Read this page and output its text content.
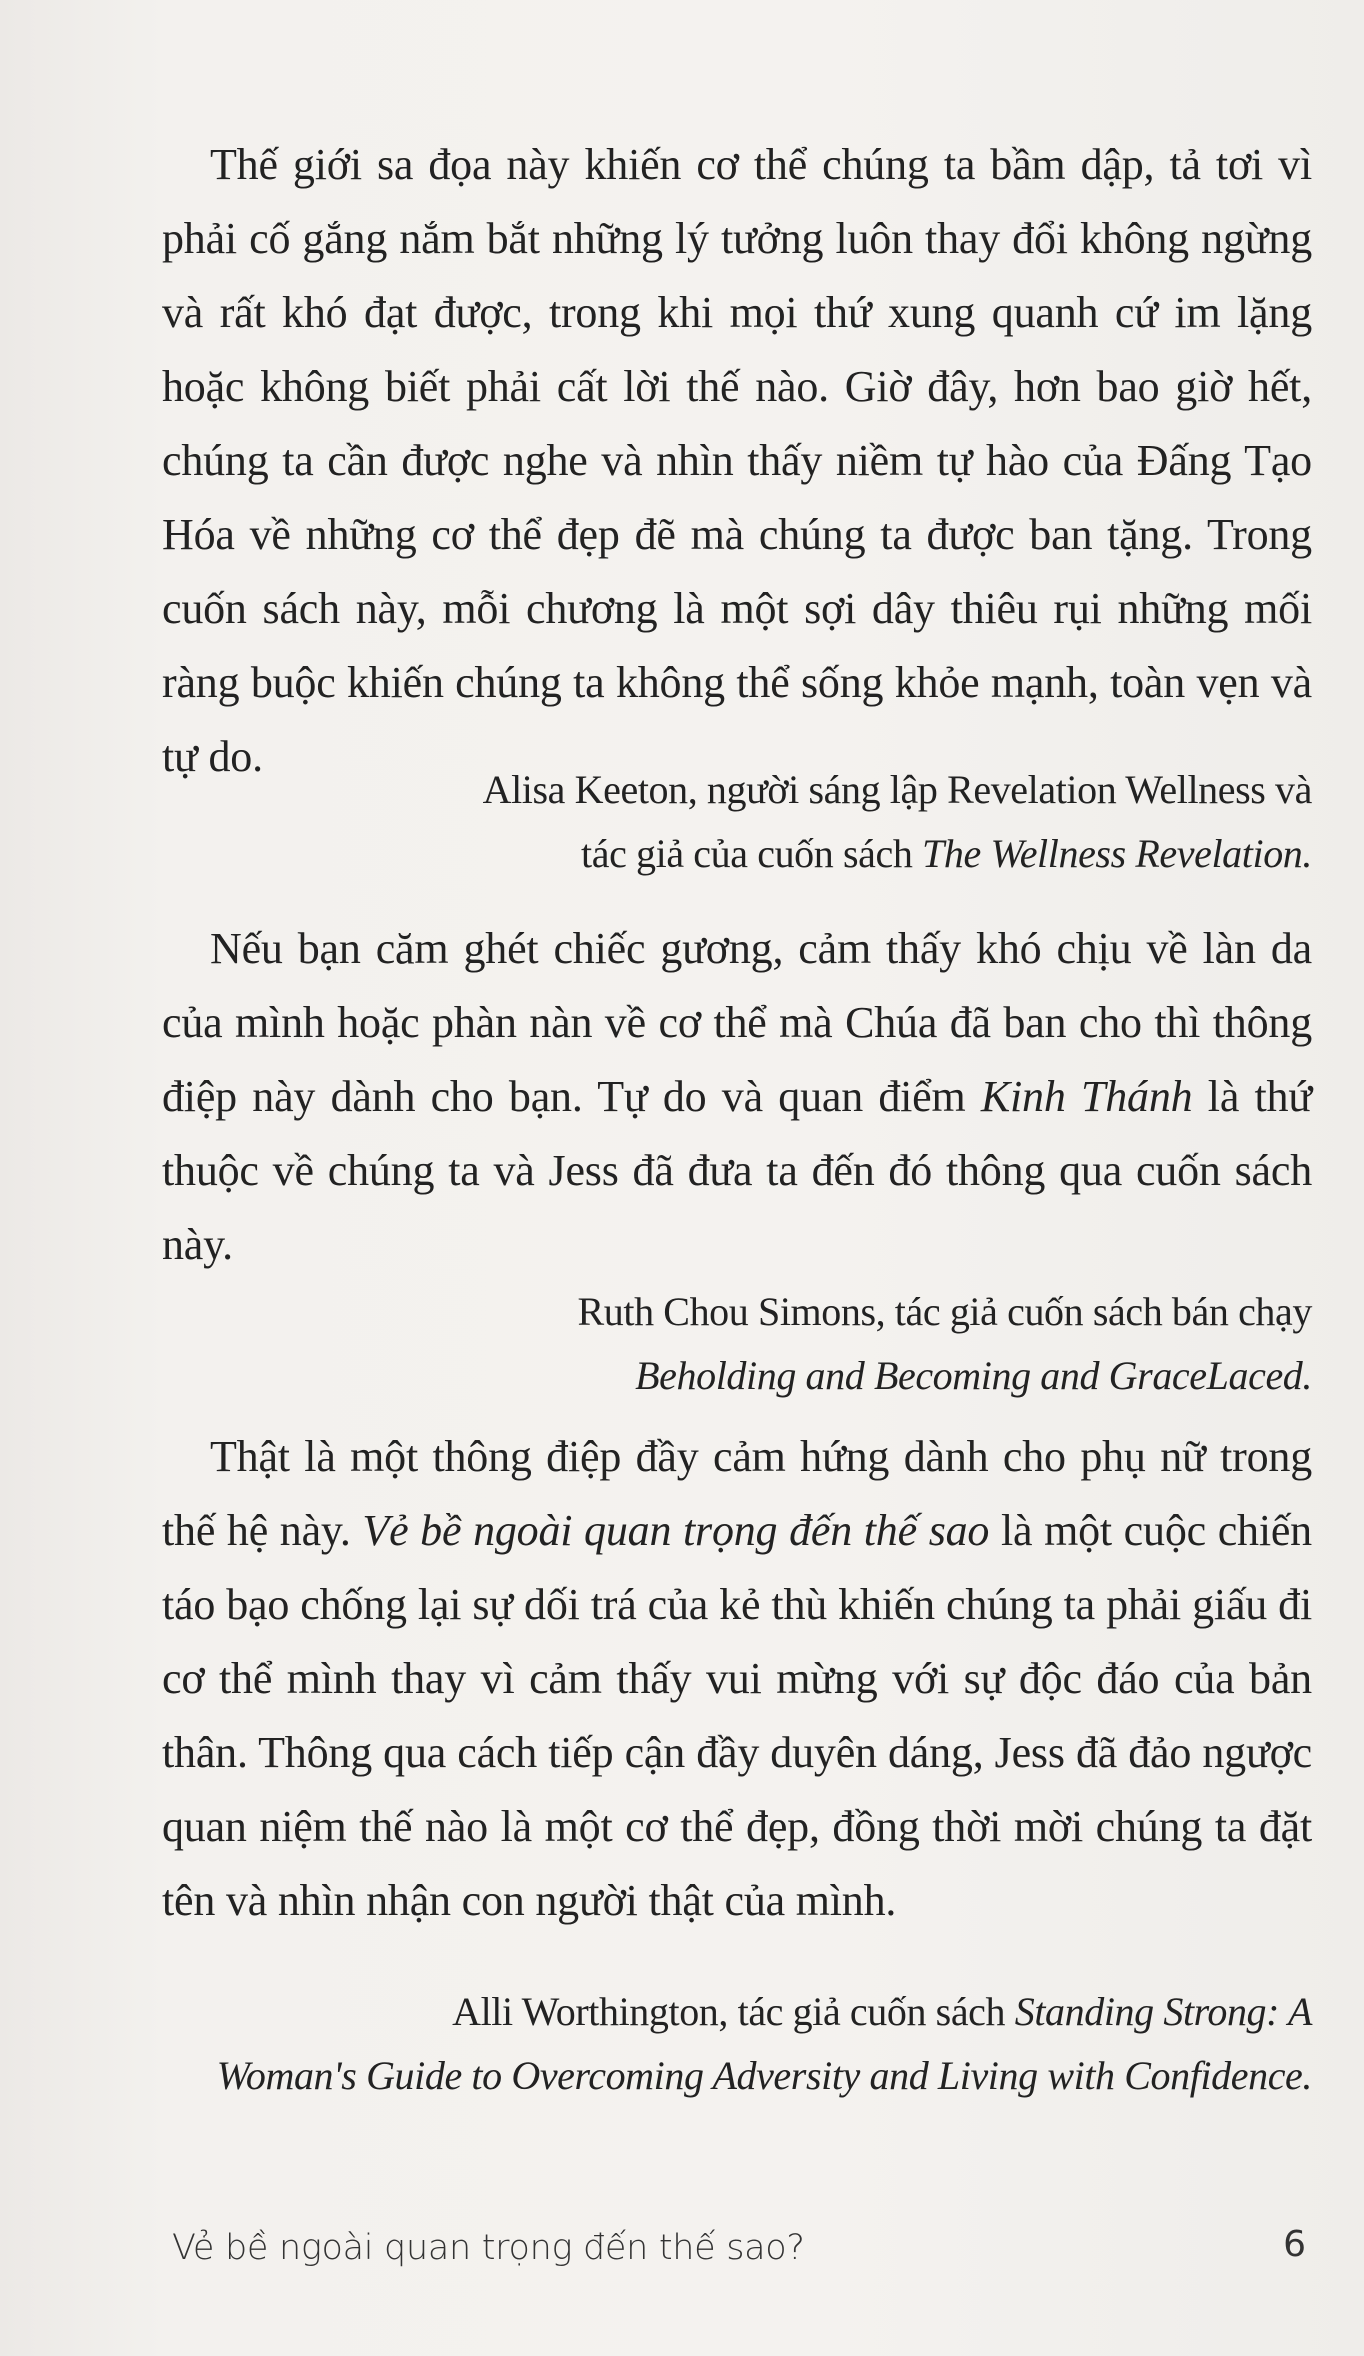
Thế giới sa đọa này khiến cơ thể chúng ta bầm dập, tả tơi vì phải cố gắng nắm bắt những lý tưởng luôn thay đổi không ngừng và rất khó đạt được, trong khi mọi thứ xung quanh cứ im lặng hoặc không biết phải cất lời thế nào. Giờ đây, hơn bao giờ hết, chúng ta cần được nghe và nhìn thấy niềm tự hào của Đấng Tạo Hóa về những cơ thể đẹp đẽ mà chúng ta được ban tặng. Trong cuốn sách này, mỗi chương là một sợi dây thiêu rụi những mối ràng buộc khiến chúng ta không thể sống khỏe mạnh, toàn vẹn và tự do.

Alisa Keeton, người sáng lập Revelation Wellness và
tác giả của cuốn sách The Wellness Revelation.

Nếu bạn căm ghét chiếc gương, cảm thấy khó chịu về làn da của mình hoặc phàn nàn về cơ thể mà Chúa đã ban cho thì thông điệp này dành cho bạn. Tự do và quan điểm Kinh Thánh là thứ thuộc về chúng ta và Jess đã đưa ta đến đó thông qua cuốn sách này.

Ruth Chou Simons, tác giả cuốn sách bán chạy
Beholding and Becoming and GraceLaced.

Thật là một thông điệp đầy cảm hứng dành cho phụ nữ trong thế hệ này. Vẻ bề ngoài quan trọng đến thế sao là một cuộc chiến táo bạo chống lại sự dối trá của kẻ thù khiến chúng ta phải giấu đi cơ thể mình thay vì cảm thấy vui mừng với sự độc đáo của bản thân. Thông qua cách tiếp cận đầy duyên dáng, Jess đã đảo ngược quan niệm thế nào là một cơ thể đẹp, đồng thời mời chúng ta đặt tên và nhìn nhận con người thật của mình.

Alli Worthington, tác giả cuốn sách Standing Strong: A
Woman's Guide to Overcoming Adversity and Living with Confidence.
Vẻ bề ngoài quan trọng đến thế sao?	6
